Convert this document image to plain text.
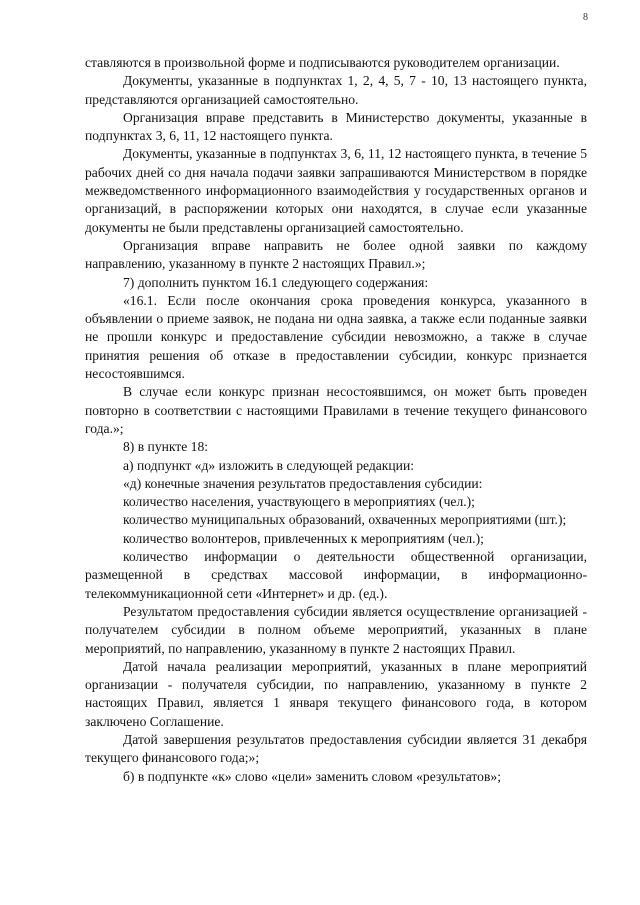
8

ставляются в произвольной форме и подписываются руководителем организации.

Документы, указанные в подпунктах 1, 2, 4, 5, 7 - 10, 13 настоящего пункта, представляются организацией самостоятельно.

Организация вправе представить в Министерство документы, указанные в подпунктах 3, 6, 11, 12 настоящего пункта.

Документы, указанные в подпунктах 3, 6, 11, 12 настоящего пункта, в течение 5 рабочих дней со дня начала подачи заявки запрашиваются Министерством в порядке межведомственного информационного взаимодействия у государственных органов и организаций, в распоряжении которых они находятся, в случае если указанные документы не были представлены организацией самостоятельно.

Организация вправе направить не более одной заявки по каждому направлению, указанному в пункте 2 настоящих Правил.»;

7) дополнить пунктом 16.1 следующего содержания:

«16.1. Если после окончания срока проведения конкурса, указанного в объявлении о приеме заявок, не подана ни одна заявка, а также если поданные заявки не прошли конкурс и предоставление субсидии невозможно, а также в случае принятия решения об отказе в предоставлении субсидии, конкурс признается несостоявшимся.

В случае если конкурс признан несостоявшимся, он может быть проведен повторно в соответствии с настоящими Правилами в течение текущего финансового года.»;

8) в пункте 18:

а) подпункт «д» изложить в следующей редакции:

«д) конечные значения результатов предоставления субсидии:

количество населения, участвующего в мероприятиях (чел.);

количество муниципальных образований, охваченных мероприятиями (шт.);

количество волонтеров, привлеченных к мероприятиям (чел.);

количество информации о деятельности общественной организации, размещенной в средствах массовой информации, в информационно-телекоммуникационной сети «Интернет» и др. (ед.).

Результатом предоставления субсидии является осуществление организацией - получателем субсидии в полном объеме мероприятий, указанных в плане мероприятий, по направлению, указанному в пункте 2 настоящих Правил.

Датой начала реализации мероприятий, указанных в плане мероприятий организации - получателя субсидии, по направлению, указанному в пункте 2 настоящих Правил, является 1 января текущего финансового года, в котором заключено Соглашение.

Датой завершения результатов предоставления субсидии является 31 декабря текущего финансового года;»;

б) в подпункте «к» слово «цели» заменить словом «результатов»;
